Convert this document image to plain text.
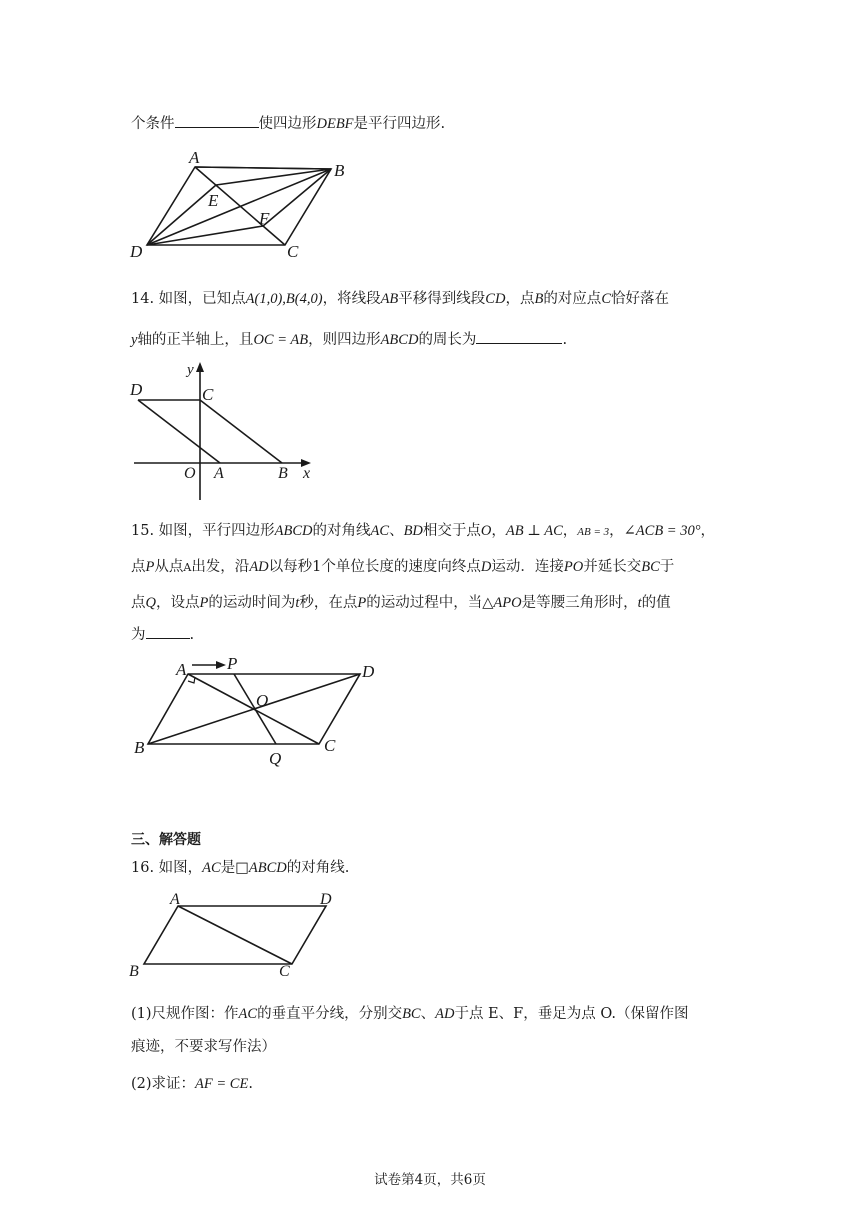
个条件	使四边形DEBF是平行四边形.
A
B
E
F
D	C
14. 如图，已知点A(1,0),B(4,0)，将线段AB平移得到线段CD，点B的对应点C恰好落在
y轴的正半轴上，且OC = AB，则四边形ABCD的周长为	.
y
D	C
O A	B x
15. 如图，平行四边形ABCD的对角线AC、BD相交于点O，AB ⊥ AC，AB = 3，∠ACB = 30°，
点P从点A出发，沿AD以每秒1个单位长度的速度向终点D运动．连接PO并延长交BC于
点Q，设点P的运动时间为t秒，在点P的运动过程中，当△APO是等腰三角形时，t的值
为	.
A P	D
O
B
Q
C
三、解答题
16. 如图，AC是□ABCD的对角线.
A	D
B	C
(1)尺规作图：作AC的垂直平分线，分别交BC、AD于点 E、F，垂足为点 O.（保留作图
痕迹，不要求写作法）
(2)求证：AF = CE.
试卷第4页，共6页
